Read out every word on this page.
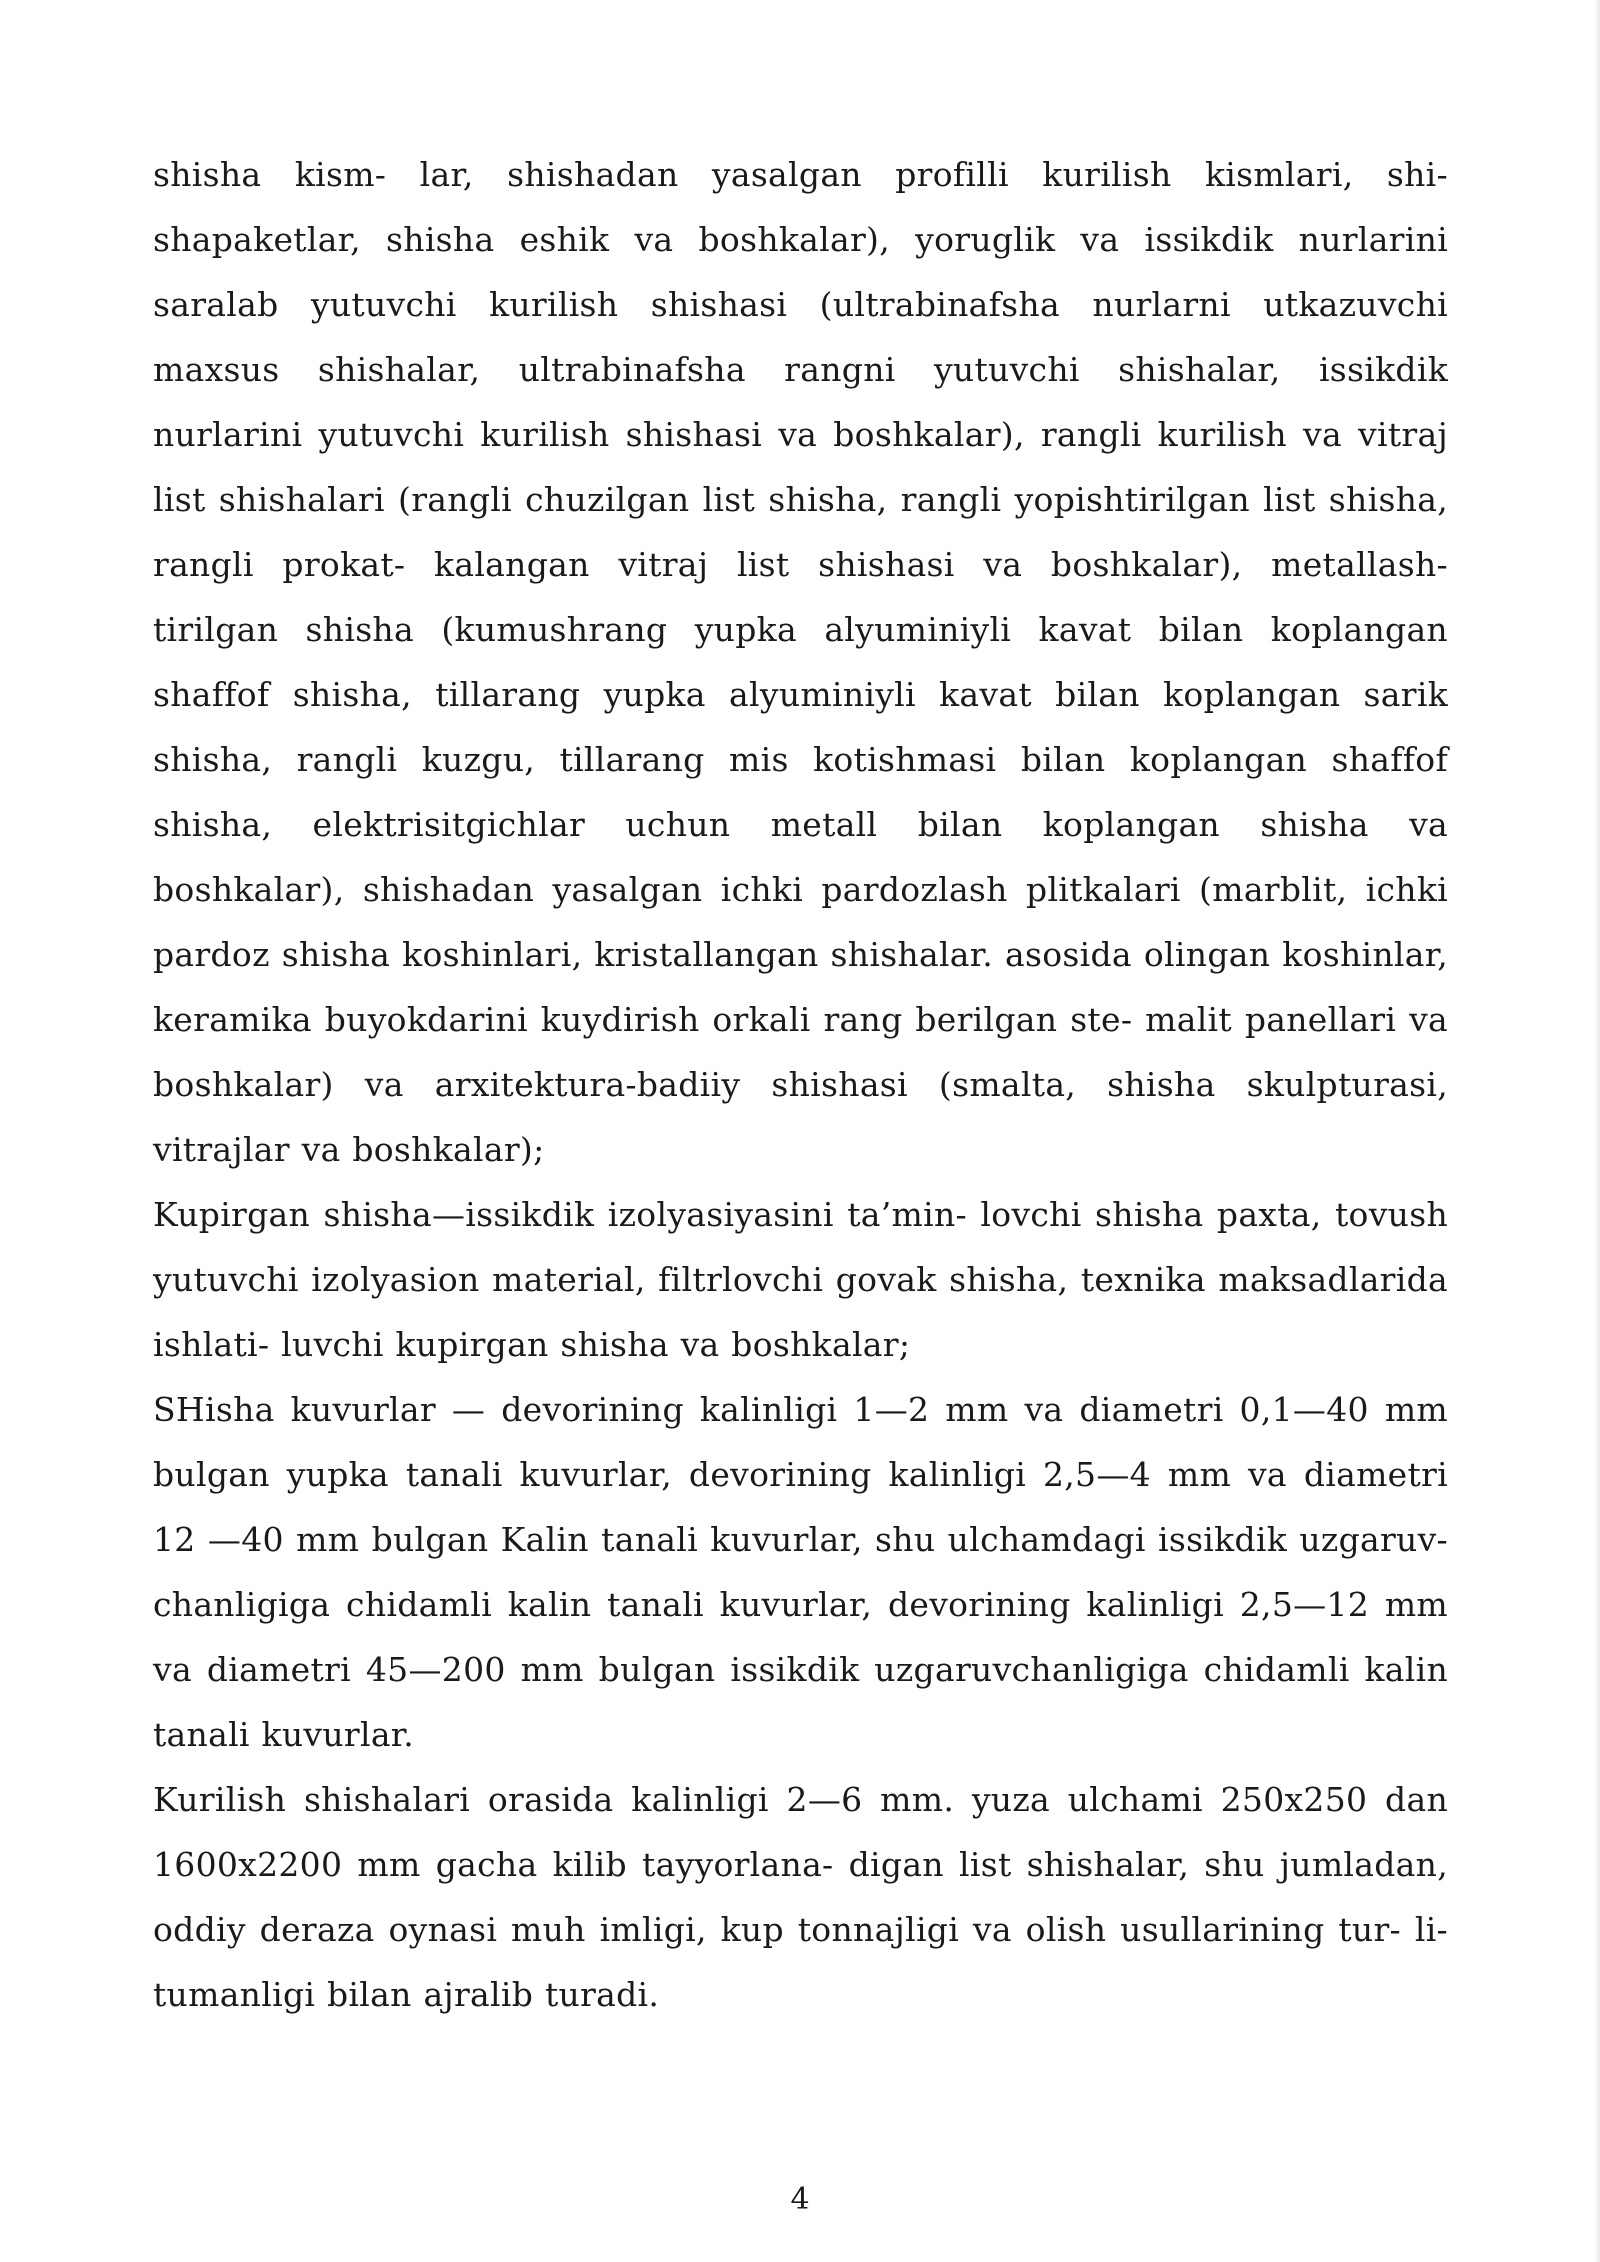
shisha kism- lar, shishadan yasalgan profilli kurilish kismlari, shi- shapaketlar, shisha eshik va boshkalar), yoruglik va issikdik nurlarini saralab yutuvchi kurilish shishasi (ultrabinafsha nurlarni utkazuvchi maxsus shishalar, ultrabinafsha rangni yutuvchi shishalar, issikdik nurlarini yutuvchi kurilish shishasi va boshkalar), rangli kurilish va vitraj list shishalari (rangli chuzilgan list shisha, rangli yopishtirilgan list shisha, rangli prokat- kalangan vitraj list shishasi va boshkalar), metallash- tirilgan shisha (kumushrang yupka alyuminiyli kavat bilan koplangan shaffof shisha, tillarang yupka alyuminiyli kavat bilan koplangan sarik shisha, rangli kuzgu, tillarang mis kotishmasi bilan koplangan shaffof shisha, elektrisitgichlar uchun metall bilan koplangan shisha va boshkalar), shishadan yasalgan ichki pardozlash plitkalari (marblit, ichki pardoz shisha koshinlari, kristallangan shishalar. asosida olingan koshinlar, keramika buyokdarini kuydirish orkali rang berilgan ste- malit panellari va boshkalar) va arxitektura-badiiy shishasi (smalta, shisha skulpturasi, vitrajlar va boshkalar);

Kupirgan shisha—issikdik izolyasiyasini ta’min- lovchi shisha paxta, tovush yutuvchi izolyasion material, filtrlovchi govak shisha, texnika maksadlarida ishlati- luvchi kupirgan shisha va boshkalar;

SHisha kuvurlar — devorining kalinligi 1—2 mm va diametri 0,1—40 mm bulgan yupka tanali kuvurlar, devorining kalinligi 2,5—4 mm va diametri 12 —40 mm bulgan Kalin tanali kuvurlar, shu ulchamdagi issikdik uzgaruv- chanligiga chidamli kalin tanali kuvurlar, devorining kalinligi 2,5—12 mm va diametri 45—200 mm bulgan issikdik uzgaruvchanligiga chidamli kalin tanali kuvurlar.

Kurilish shishalari orasida kalinligi 2—6 mm. yuza ulchami 250x250 dan 1600x2200 mm gacha kilib tayyorlana- digan list shishalar, shu jumladan, oddiy deraza oynasi muh imligi, kup tonnajligi va olish usullarining tur- li- tumanligi bilan ajralib turadi.

4
